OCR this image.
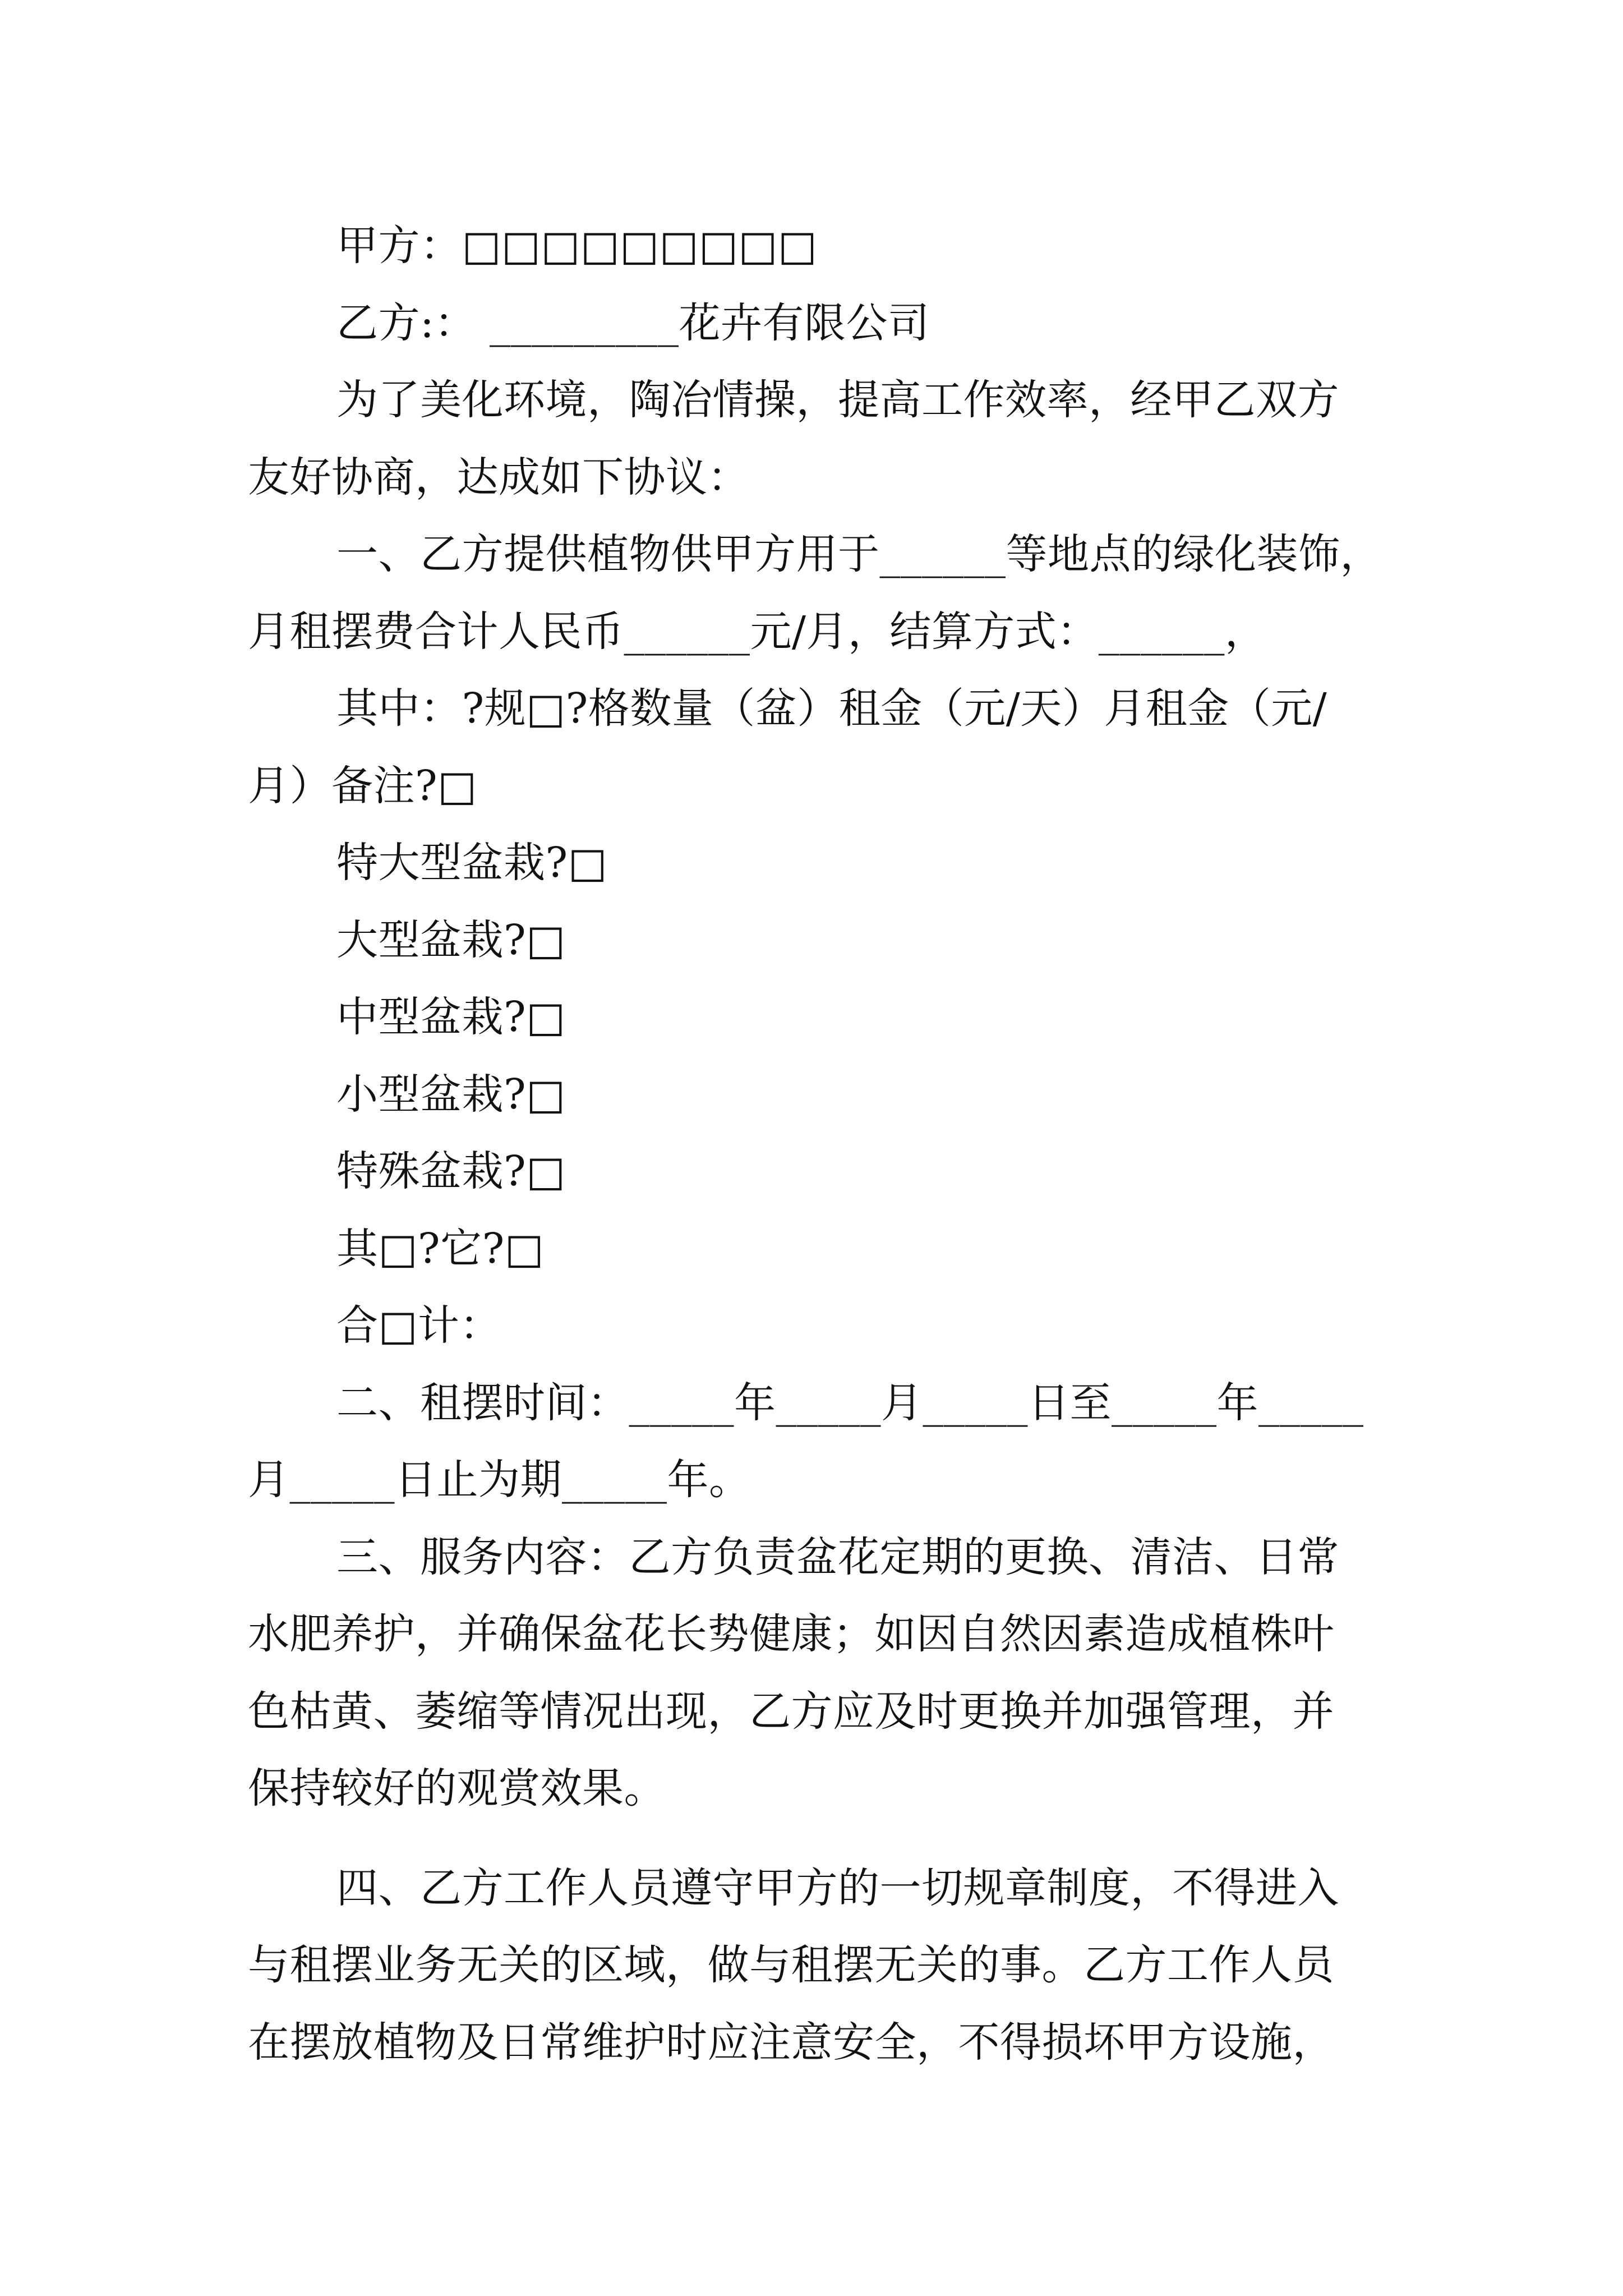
甲方：□□□□□□□□□
乙方:： _________花卉有限公司
为了美化环境，陶冶情操，提高工作效率，经甲乙双方
友好协商，达成如下协议：
一、乙方提供植物供甲方用于______等地点的绿化装饰，
月租摆费合计人民币______元/月，结算方式：______，
其中：?规□?格数量（盆）租金（元/天）月租金（元/
月）备注?□
特大型盆栽?□
大型盆栽?□
中型盆栽?□
小型盆栽?□
特殊盆栽?□
其□?它?□
合□计：
二、租摆时间：_____年_____月_____日至_____年_____
月_____日止为期_____年。
三、服务内容：乙方负责盆花定期的更换、清洁、日常
水肥养护，并确保盆花长势健康；如因自然因素造成植株叶
色枯黄、萎缩等情况出现，乙方应及时更换并加强管理，并
保持较好的观赏效果。
四、乙方工作人员遵守甲方的一切规章制度，不得进入
与租摆业务无关的区域，做与租摆无关的事。乙方工作人员
在摆放植物及日常维护时应注意安全，不得损坏甲方设施，
